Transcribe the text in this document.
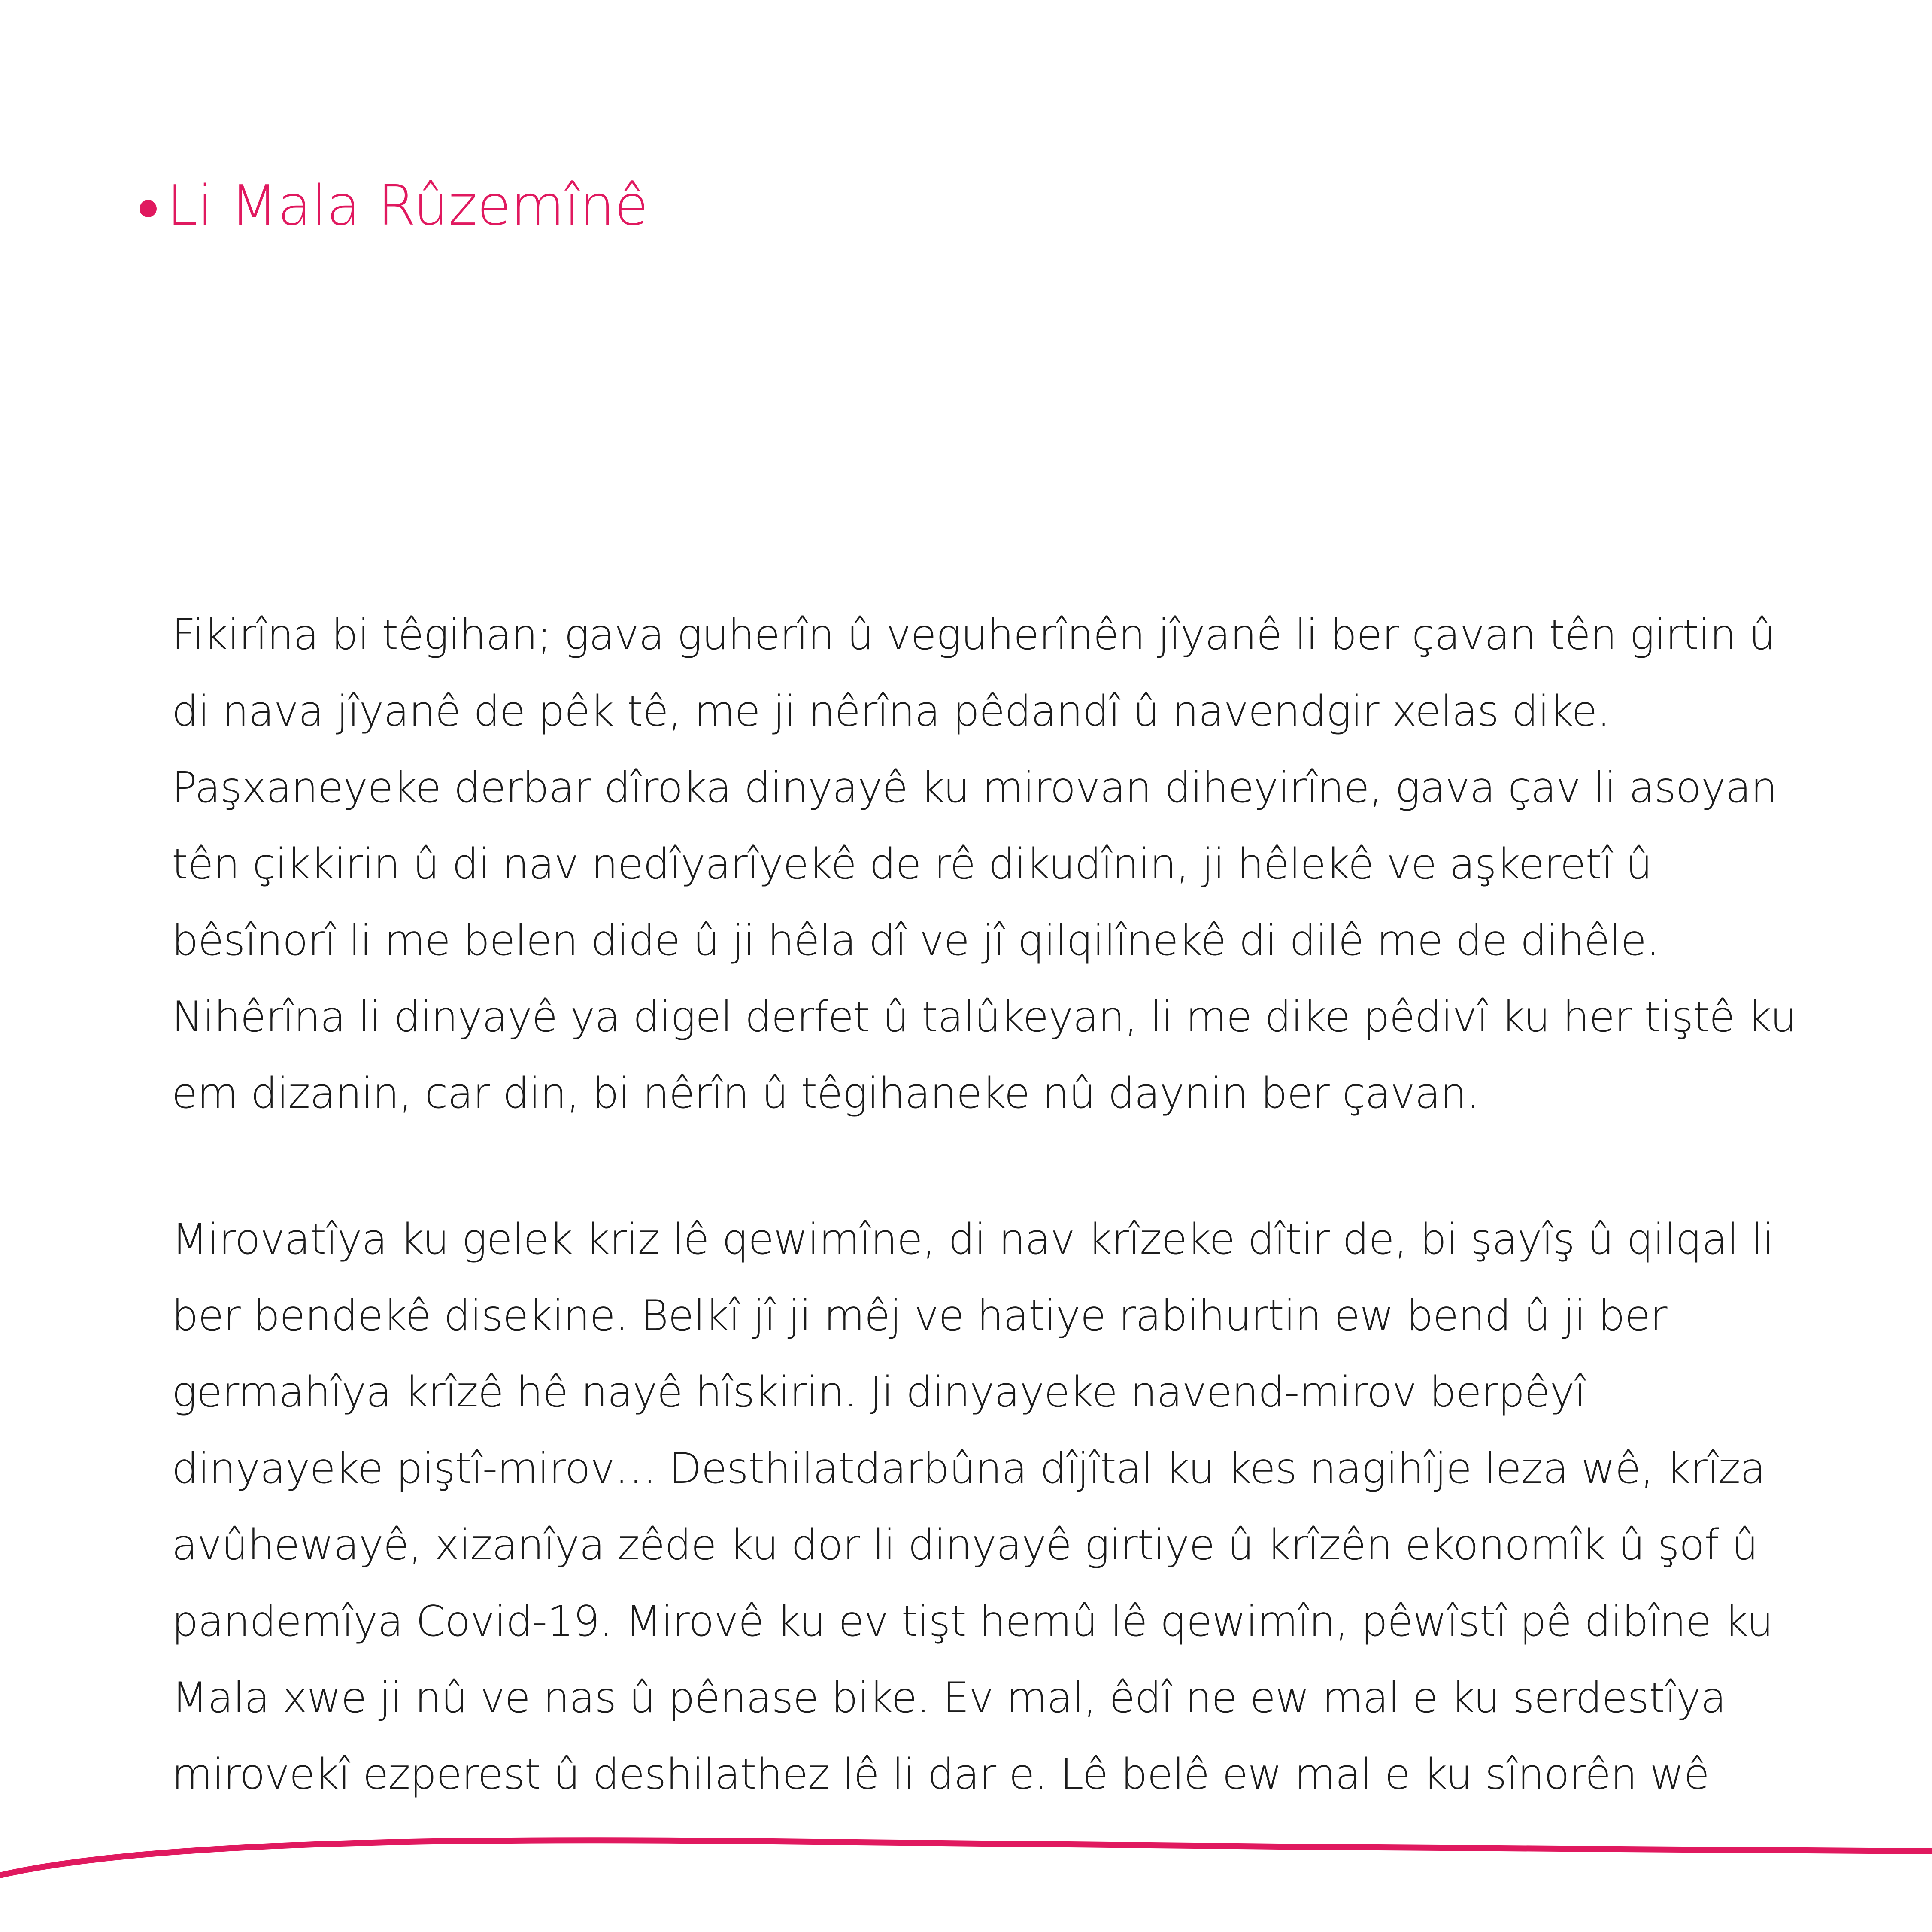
Li Mala Rûzemînê

Fikirîna bi têgihan; gava guherîn û veguherînên jîyanê li ber çavan tên girtin û
di nava jîyanê de pêk tê, me ji nêrîna pêdandî û navendgir xelas dike.
Paşxaneyeke derbar dîroka dinyayê ku mirovan diheyirîne, gava çav li asoyan
tên çikkirin û di nav nedîyarîyekê de rê dikudînin, ji hêlekê ve aşkeretî û
bêsînorî li me belen dide û ji hêla dî ve jî qilqilînekê di dilê me de dihêle.
Nihêrîna li dinyayê ya digel derfet û talûkeyan, li me dike pêdivî ku her tiştê ku
em dizanin, car din, bi nêrîn û têgihaneke nû daynin ber çavan.

Mirovatîya ku gelek kriz lê qewimîne, di nav krîzeke dîtir de, bi şayîş û qilqal li
ber bendekê disekine. Belkî jî ji mêj ve hatiye rabihurtin ew bend û ji ber
germahîya krîzê hê nayê hîskirin. Ji dinyayeke navend-mirov berpêyî
dinyayeke piştî-mirov… Desthilatdarbûna dîjîtal ku kes nagihîje leza wê, krîza
avûhewayê, xizanîya zêde ku dor li dinyayê girtiye û krîzên ekonomîk û şof û
pandemîya Covid-19. Mirovê ku ev tişt hemû lê qewimîn, pêwîstî pê dibîne ku
Mala xwe ji nû ve nas û pênase bike. Ev mal, êdî ne ew mal e ku serdestîya
mirovekî ezperest û deshilathez lê li dar e. Lê belê ew mal e ku sînorên wê
